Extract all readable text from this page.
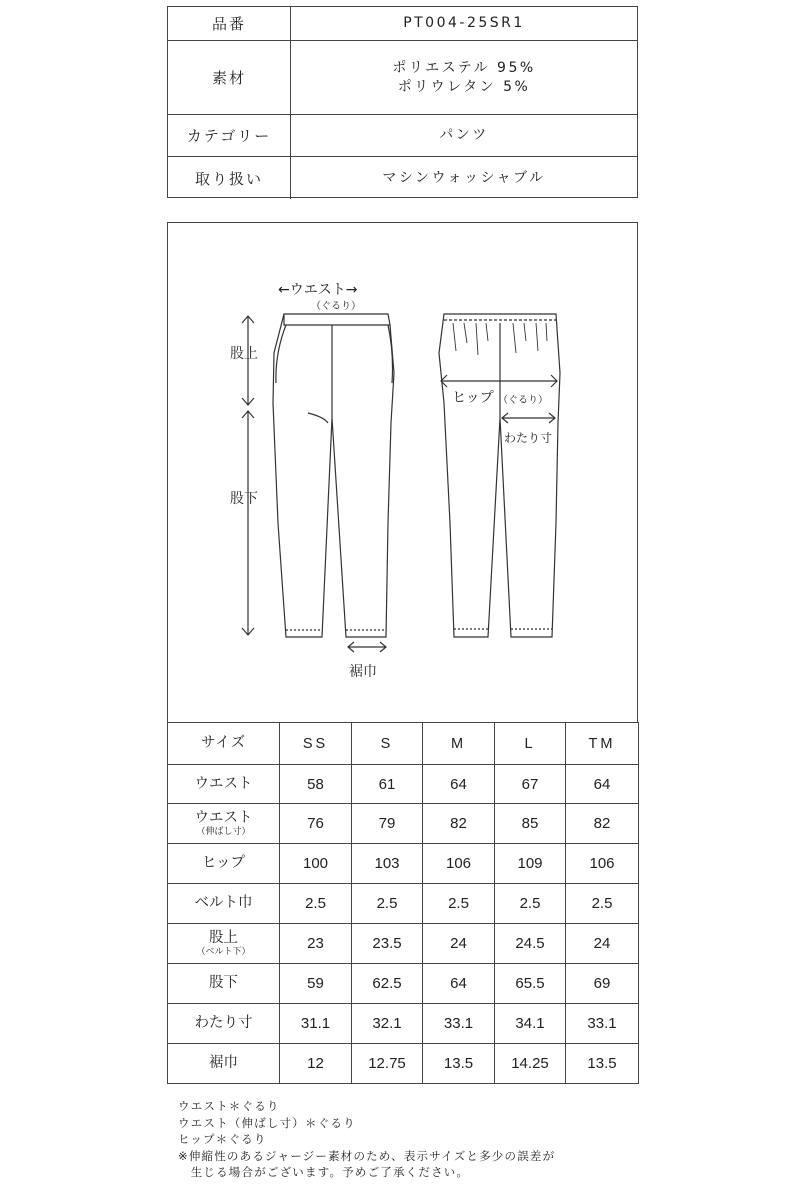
品番	PT004-25SR1
素材
ポリエステル 95%
ポリウレタン 5%
カテゴリー	パンツ
取り扱い	マシンウォッシャブル
←ウエスト→
（ぐるり）
股上
股下
裾巾
ヒップ （ぐるり）
わたり寸
サイズ	SS	S	M	L	TM
ウエスト	58	61	64	67	64
ウエスト
（伸ばし寸）	76	79	82	85	82
ヒップ	100	103	106	109	106
ベルト巾	2.5	2.5	2.5	2.5	2.5
股上
（ベルト下）	23	23.5	24	24.5	24
股下	59	62.5	64	65.5	69
わたり寸	31.1	32.1	33.1	34.1	33.1
裾巾	12	12.75	13.5	14.25	13.5
ウエスト＊ぐるり
ウエスト（伸ばし寸）＊ぐるり
ヒップ＊ぐるり
※伸縮性のあるジャージー素材のため、表示サイズと多少の誤差が
　生じる場合がございます。予めご了承ください。
